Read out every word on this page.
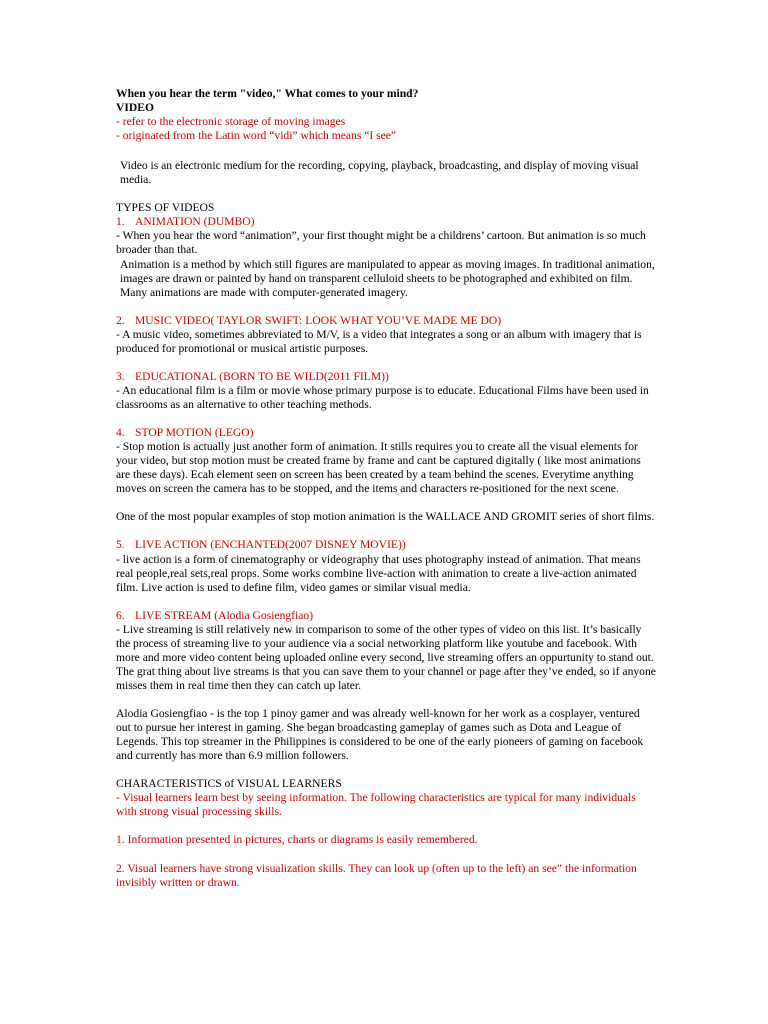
When you hear the term "video," What comes to your mind?

VIDEO

- refer to the electronic storage of moving images

- originated from the Latin word “vidi” which means “I see”

Video is an electronic medium for the recording, copying, playback, broadcasting, and display of moving visual media.

TYPES OF VIDEOS

1. ANIMATION (DUMBO)

- When you hear the word “animation”, your first thought might be a childrens’ cartoon. But animation is so much broader than that.

Animation is a method by which still figures are manipulated to appear as moving images. In traditional animation, images are drawn or painted by hand on transparent celluloid sheets to be photographed and exhibited on film. Many animations are made with computer-generated imagery.

2. MUSIC VIDEO( TAYLOR SWIFT: LOOK WHAT YOU’VE MADE ME DO)

- A music video, sometimes abbreviated to M/V, is a video that integrates a song or an album with imagery that is produced for promotional or musical artistic purposes.

3. EDUCATIONAL (BORN TO BE WILD(2011 FILM))

- An educational film is a film or movie whose primary purpose is to educate. Educational Films have been used in classrooms as an alternative to other teaching methods.

4. STOP MOTION (LEGO)

- Stop motion is actually just another form of animation. It stills requires you to create all the visual elements for your video, but stop motion must be created frame by frame and cant be captured digitally ( like most animations are these days). Ecah element seen on screen has been created by a team behind the scenes. Everytime anything moves on screen the camera has to be stopped, and the items and characters re-positioned for the next scene.

One of the most popular examples of stop motion animation is the WALLACE AND GROMIT series of short films.

5. LIVE ACTION (ENCHANTED(2007 DISNEY MOVIE))

- live action is a form of cinematography or videography that uses photography instead of animation. That means real people,real sets,real props. Some works combine live-action with animation to create a live-action animated film. Live action is used to define film, video games or similar visual media.

6. LIVE STREAM (Alodia Gosiengfiao)

- Live streaming is still relatively new in comparison to some of the other types of video on this list. It’s basically the process of streaming live to your audience via a social networking platform like youtube and facebook. With more and more video content being uploaded online every second, live streaming offers an oppurtunity to stand out. The grat thing about live streams is that you can save them to your channel or page after they’ve ended, so if anyone misses them in real time then they can catch up later.

Alodia Gosiengfiao - is the top 1 pinoy gamer and was already well-known for her work as a cosplayer, ventured out to pursue her interest in gaming. She began broadcasting gameplay of games such as Dota and League of Legends. This top streamer in the Philippines is considered to be one of the early pioneers of gaming on facebook and currently has more than 6.9 million followers.

CHARACTERISTICS of VISUAL LEARNERS

- Visual learners learn best by seeing information. The following characteristics are typical for many individuals with strong visual processing skills.

1. Information presented in pictures, charts or diagrams is easily remembered.

2. Visual learners have strong visualization skills. They can look up (often up to the left) an see” the information invisibly written or drawn.
